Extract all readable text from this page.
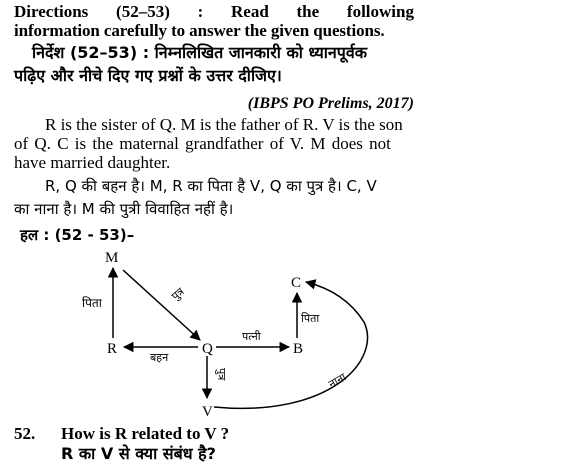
Directions (52–53) : Read the following
information carefully to answer the given questions.
निर्देश (52–53) : निम्नलिखित जानकारी को ध्यानपूर्वक
पढ़िए और नीचे दिए गए प्रश्नों के उत्तर दीजिए।
(IBPS PO Prelims, 2017)
R is the sister of Q. M is the father of R. V is the son
of Q. C is the maternal grandfather of V. M does not
have married daughter.
R, Q की बहन है। M, R का पिता है V, Q का पुत्र है। C, V
का नाना है। M की पुत्री विवाहित नहीं है।
हल : (52 - 53)–
M
R	Q	B
C
V
पिता
पुत्र
बहन
पत्नी
पिता
पुत्र	नाना
52. How is R related to V ?
R का V से क्या संबंध है?
